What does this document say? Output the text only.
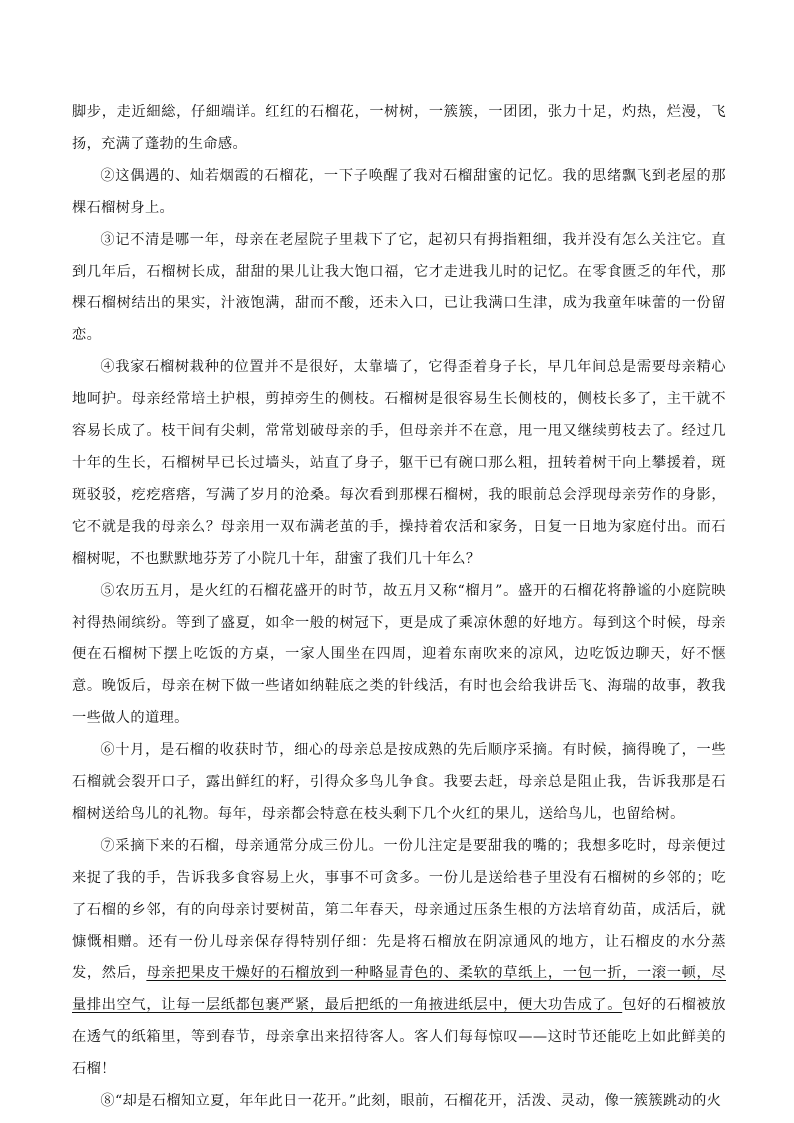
脚步，走近細総，仔細端详。红红的石榴花，一树树，一簇簇，一团团，张力十足，灼热，烂漫，飞扬，充满了蓬勃的生命感。

②这偶遇的、灿若烟霞的石榴花，一下子唤醒了我对石榴甜蜜的记忆。我的思绪飘飞到老屋的那棵石榴树身上。

③记不清是哪一年，母亲在老屋院子里栽下了它，起初只有拇指粗细，我并没有怎么关注它。直到几年后，石榴树长成，甜甜的果儿让我大饱口福，它才走进我儿时的记忆。在零食匮乏的年代，那棵石榴树结出的果实，汁液饱满，甜而不酸，还未入口，已让我满口生津，成为我童年味蕾的一份留恋。

④我家石榴树栽种的位置并不是很好，太靠墙了，它得歪着身子长，早几年间总是需要母亲精心地呵护。母亲经常培土护根，剪掉旁生的侧枝。石榴树是很容易生长侧枝的，侧枝长多了，主干就不容易长成了。枝干间有尖刺，常常划破母亲的手，但母亲并不在意，甩一甩又继续剪枝去了。经过几十年的生长，石榴树早已长过墙头，站直了身子，躯干已有碗口那么粗，扭转着树干向上攀援着，斑斑驳驳，疙疙瘩瘩，写满了岁月的沧桑。每次看到那棵石榴树，我的眼前总会浮现母亲劳作的身影，它不就是我的母亲么？母亲用一双布满老茧的手，操持着农活和家务，日复一日地为家庭付出。而石榴树呢，不也默默地芬芳了小院几十年，甜蜜了我们几十年么？

⑤农历五月，是火红的石榴花盛开的时节，故五月又称“榴月”。盛开的石榴花将静谧的小庭院映衬得热闹缤纷。等到了盛夏，如伞一般的树冠下，更是成了乘凉休憩的好地方。每到这个时候，母亲便在石榴树下摆上吃饭的方桌，一家人围坐在四周，迎着东南吹来的凉风，边吃饭边聊天，好不惬意。晚饭后，母亲在树下做一些诸如纳鞋底之类的针线活，有时也会给我讲岳飞、海瑞的故事，教我一些做人的道理。

⑥十月，是石榴的收获时节，细心的母亲总是按成熟的先后顺序采摘。有时候，摘得晚了，一些石榴就会裂开口子，露出鲜红的籽，引得众多鸟儿争食。我要去赶，母亲总是阻止我，告诉我那是石榴树送给鸟儿的礼物。每年，母亲都会特意在枝头剩下几个火红的果儿，送给鸟儿，也留给树。

⑦采摘下来的石榴，母亲通常分成三份儿。一份儿注定是要甜我的嘴的；我想多吃时，母亲便过来捉了我的手，告诉我多食容易上火，事事不可贪多。一份儿是送给巷子里没有石榴树的乡邻的；吃了石榴的乡邻，有的向母亲讨要树苗，第二年春天，母亲通过压条生根的方法培育幼苗，成活后，就慷慨相赠。还有一份儿母亲保存得特别仔细：先是将石榴放在阴凉通风的地方，让石榴皮的水分蒸发，然后，母亲把果皮干燥好的石榴放到一种略显青色的、柔软的草纸上，一包一折，一滚一顿，尽量排出空气，让每一层纸都包裹严紧，最后把纸的一角掖进纸层中，便大功告成了。包好的石榴被放在透气的纸箱里，等到春节，母亲拿出来招待客人。客人们每每惊叹——这时节还能吃上如此鲜美的石榴！

⑧“却是石榴知立夏，年年此日一花开。”此刻，眼前，石榴花开，活泼、灵动，像一簇簇跳动的火
